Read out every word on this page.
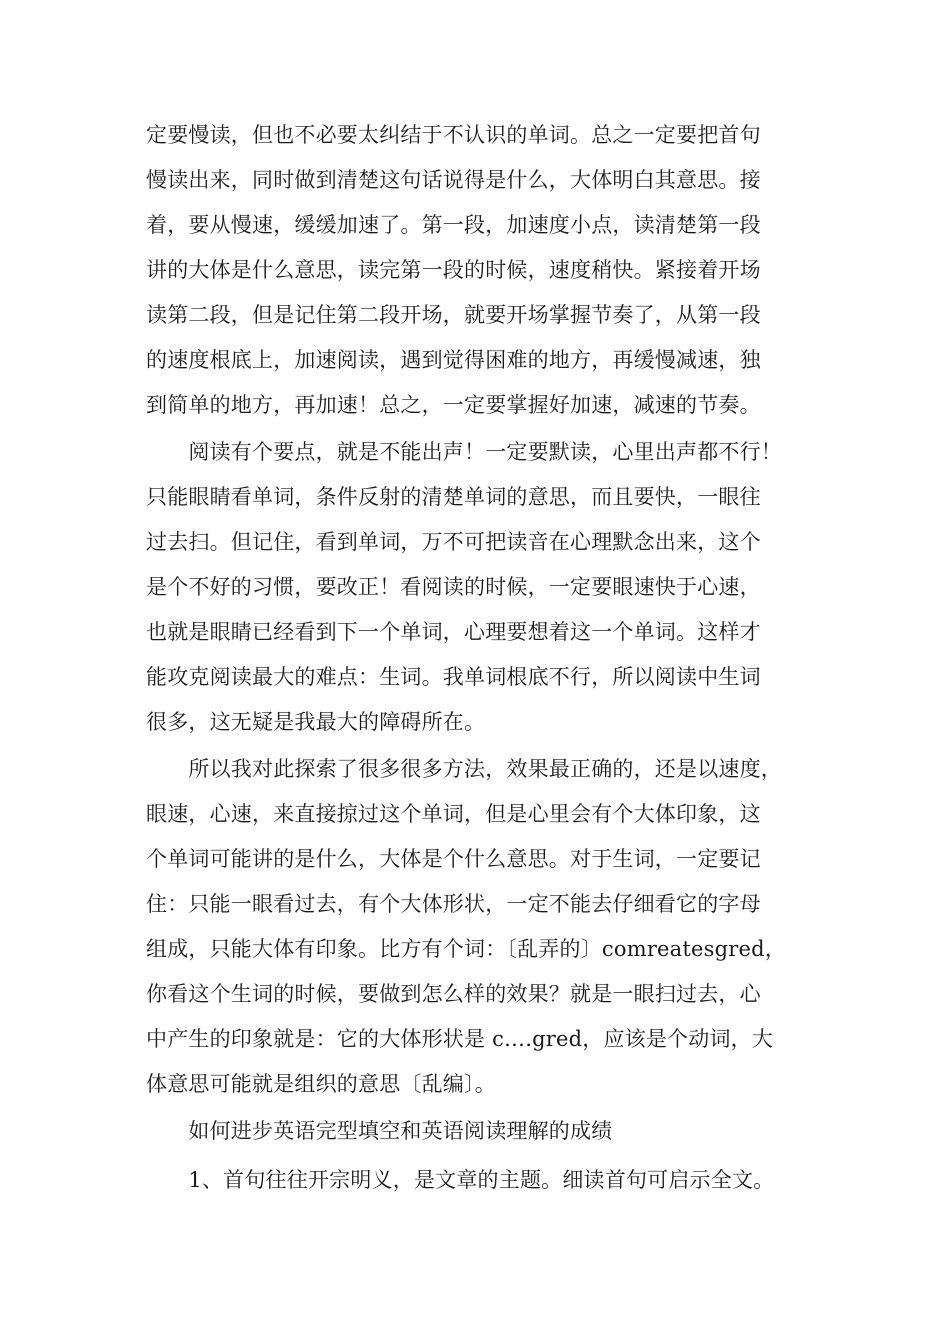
定要慢读，但也不必要太纠结于不认识的单词。总之一定要把首句
慢读出来，同时做到清楚这句话说得是什么，大体明白其意思。接
着，要从慢速，缓缓加速了。第一段，加速度小点，读清楚第一段
讲的大体是什么意思，读完第一段的时候，速度稍快。紧接着开场
读第二段，但是记住第二段开场，就要开场掌握节奏了，从第一段
的速度根底上，加速阅读，遇到觉得困难的地方，再缓慢减速，独
到简单的地方，再加速！总之，一定要掌握好加速，减速的节奏。
　　阅读有个要点，就是不能出声！一定要默读，心里出声都不行！
只能眼睛看单词，条件反射的清楚单词的意思，而且要快，一眼往
过去扫。但记住，看到单词，万不可把读音在心理默念出来，这个
是个不好的习惯，要改正！看阅读的时候，一定要眼速快于心速，
也就是眼睛已经看到下一个单词，心理要想着这一个单词。这样才
能攻克阅读最大的难点：生词。我单词根底不行，所以阅读中生词
很多，这无疑是我最大的障碍所在。
　　所以我对此探索了很多很多方法，效果最正确的，还是以速度，
眼速，心速，来直接掠过这个单词，但是心里会有个大体印象，这
个单词可能讲的是什么，大体是个什么意思。对于生词，一定要记
住：只能一眼看过去，有个大体形状，一定不能去仔细看它的字母
组成，只能大体有印象。比方有个词：〔乱弄的〕comreatesgred，
你看这个生词的时候，要做到怎么样的效果？就是一眼扫过去，心
中产生的印象就是：它的大体形状是 c….gred，应该是个动词，大
体意思可能就是组织的意思〔乱编〕。
　　如何进步英语完型填空和英语阅读理解的成绩
　　1、首句往往开宗明义，是文章的主题。细读首句可启示全文。
